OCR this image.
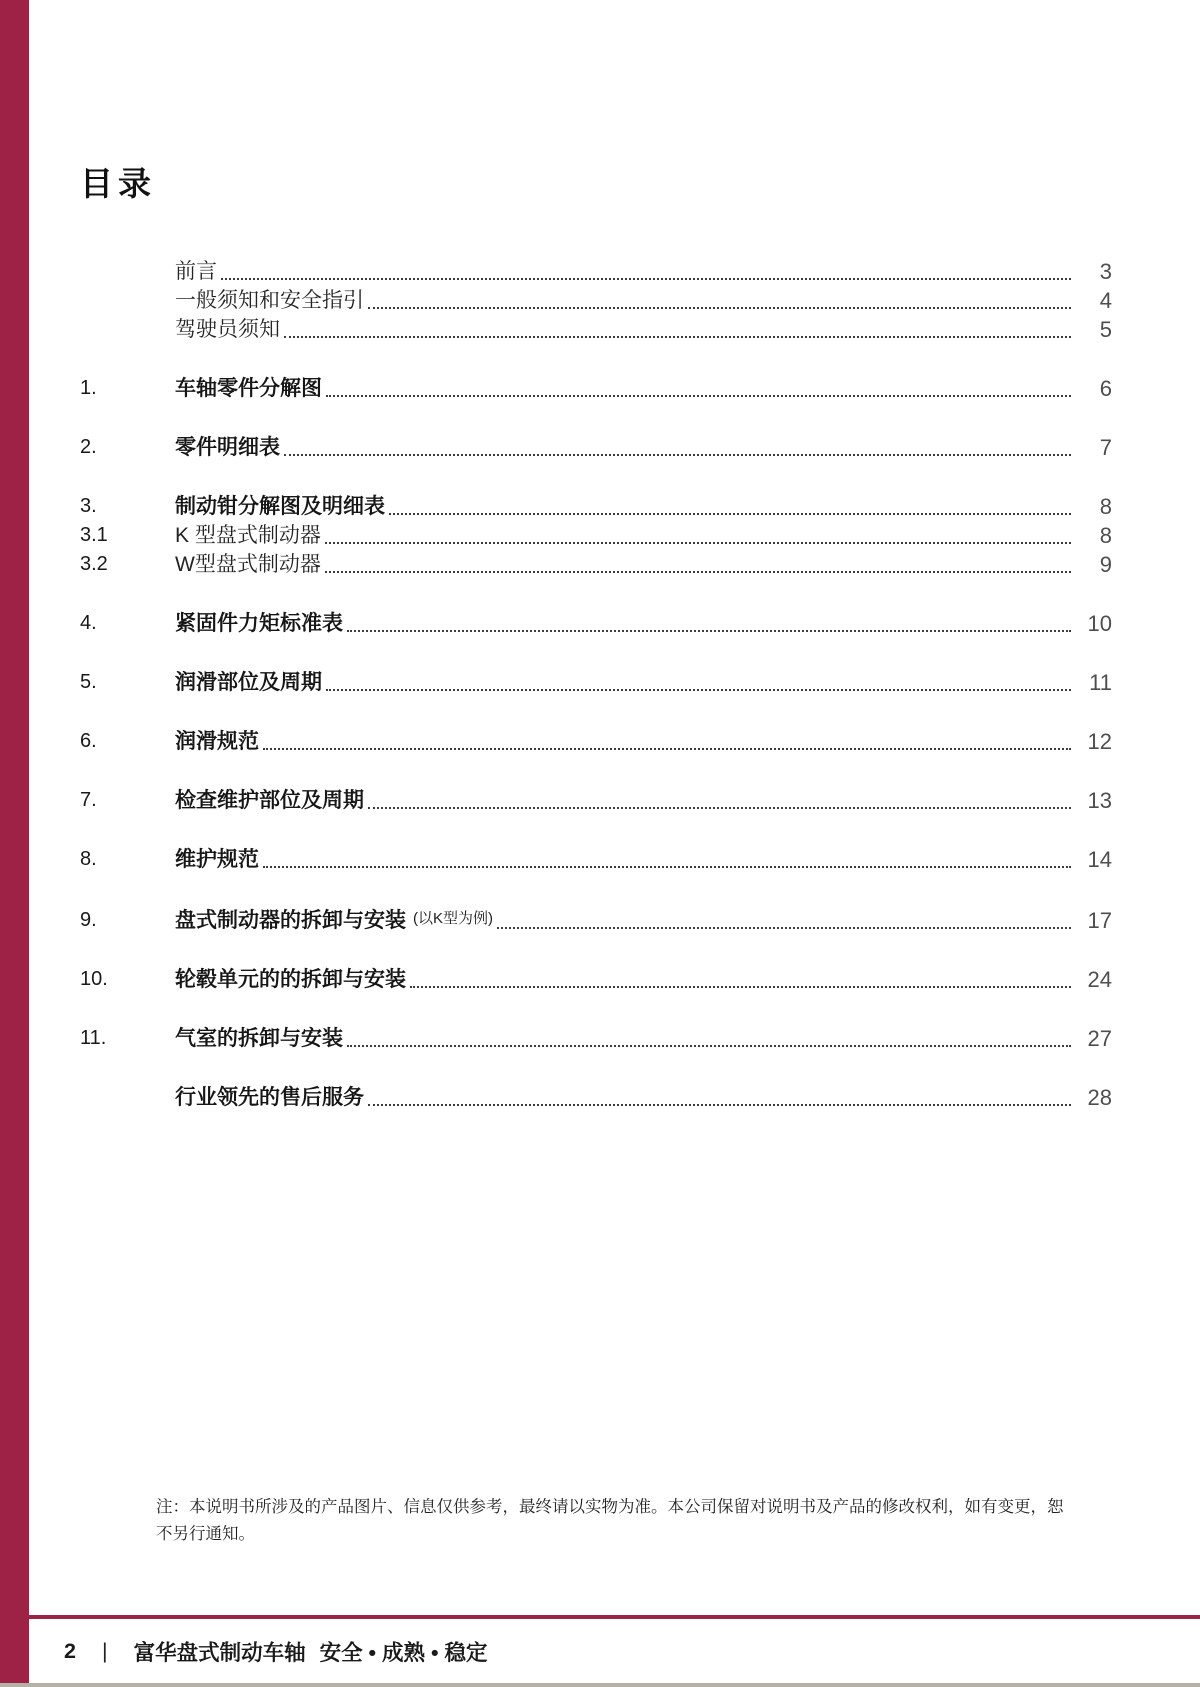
目录
前言	3
一般须知和安全指引	4
驾驶员须知	5
1.	车轴零件分解图	6
2.	零件明细表	7
3.	制动钳分解图及明细表	8
3.1	K 型盘式制动器	8
3.2	W型盘式制动器	9
4.	紧固件力矩标准表	10
5.	润滑部位及周期	11
6.	润滑规范	12
7.	检查维护部位及周期	13
8.	维护规范	14
9.	盘式制动器的拆卸与安装 (以K型为例)	17
10.	轮毂单元的的拆卸与安装	24
11.	气室的拆卸与安装	27
行业领先的售后服务	28

注：本说明书所涉及的产品图片、信息仅供参考，最终请以实物为准。本公司保留对说明书及产品的修改权利，如有变更，恕不另行通知。

2 | 富华盘式制动车轴 安全 • 成熟 • 稳定
